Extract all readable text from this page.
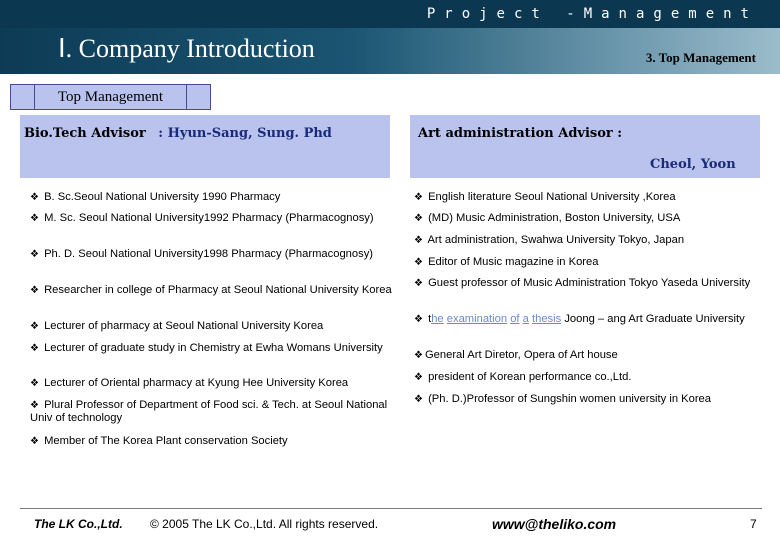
Project -Management
Ⅰ. Company Introduction	3. Top Management
Top Management
Bio.Tech Advisor : Hyun-Sang, Sung. Phd	Art administration Advisor :
Cheol, Yoon
❖ B. Sc.Seoul National University 1990 Pharmacy
❖ M. Sc. Seoul National University1992 Pharmacy (Pharmacognosy)
❖ Ph. D. Seoul National University1998 Pharmacy (Pharmacognosy)
❖ Researcher in college of Pharmacy at Seoul National University Korea
❖ Lecturer of pharmacy at Seoul National University Korea
❖ Lecturer of graduate study in Chemistry at Ewha Womans University
❖ Lecturer of Oriental pharmacy at Kyung Hee University Korea
❖ Plural Professor of Department of Food sci. & Tech. at Seoul National Univ of technology
❖ Member of The Korea Plant conservation Society
❖ English literature Seoul National University ,Korea
❖ (MD) Music Administration, Boston University, USA
❖ Art administration, Swahwa University Tokyo, Japan
❖ Editor of Music magazine in Korea
❖ Guest professor of Music Administration Tokyo Yaseda University
❖ the examination of a thesis Joong – ang Art Graduate University
❖ General Art Diretor, Opera of Art house
❖ president of Korean performance co.,Ltd.
❖ (Ph. D.)Professor of Sungshin women university in Korea
The LK Co.,Ltd. © 2005 The LK Co.,Ltd. All rights reserved.	www@theliko.com	7
